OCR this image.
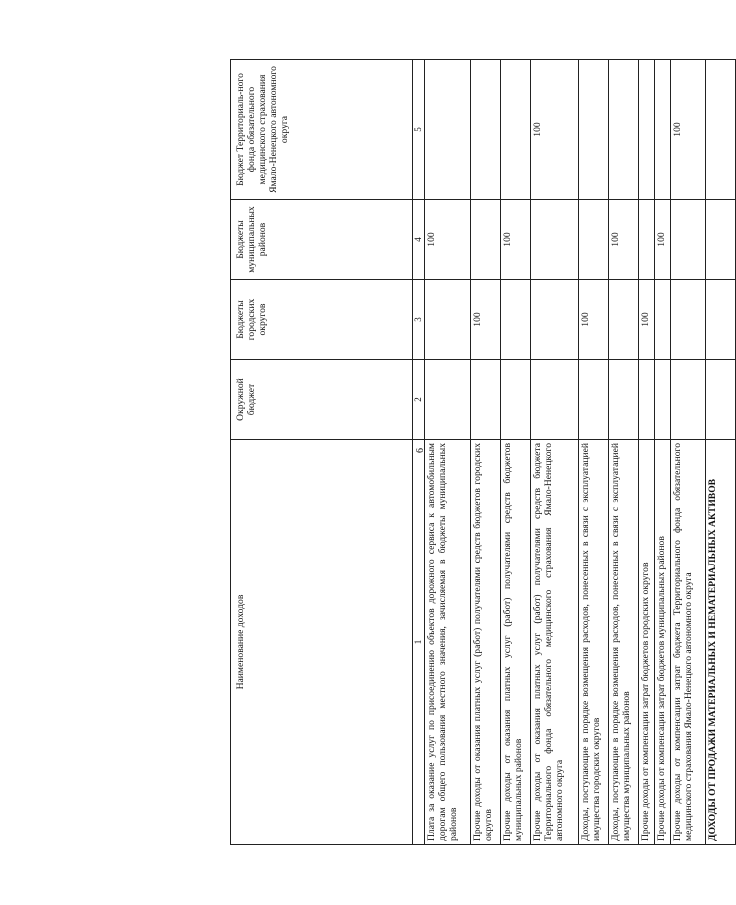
6
Наименование доходов	Окружной бюджет	Бюджеты городских округов	Бюджеты муниципальных районов	Бюджет Территориаль-ного фонда обязательного медицинского страхования Ямало-Ненецкого автономного округа
1	2	3	4	5
Плата за оказание услуг по присоединению объектов дорожного сервиса к автомобильным дорогам общего пользования местного значения, зачисляемая в бюджеты муниципальных районов			100	
Прочие доходы от оказания платных услуг (работ) получателями средств бюджетов городских округов		100		
Прочие доходы от оказания платных услуг (работ) получателями средств бюджетов муниципальных районов			100	
Прочие доходы от оказания платных услуг (работ) получателями средств бюджета Территориального фонда обязательного медицинского страхования Ямало-Ненецкого автономного округа				100
Доходы, поступающие в порядке возмещения расходов, понесенных в связи с эксплуатацией имущества городских округов		100		
Доходы, поступающие в порядке возмещения расходов, понесенных в связи с эксплуатацией имущества муниципальных районов			100	
Прочие доходы от компенсации затрат бюджетов городских округов		100		
Прочие доходы от компенсации затрат бюджетов муниципальных районов			100	
Прочие доходы от компенсации затрат бюджета Территориального фонда обязательного медицинского страхования Ямало-Ненецкого автономного округа				100
ДОХОДЫ ОТ ПРОДАЖИ МАТЕРИАЛЬНЫХ И НЕМАТЕРИАЛЬНЫХ АКТИВОВ				
